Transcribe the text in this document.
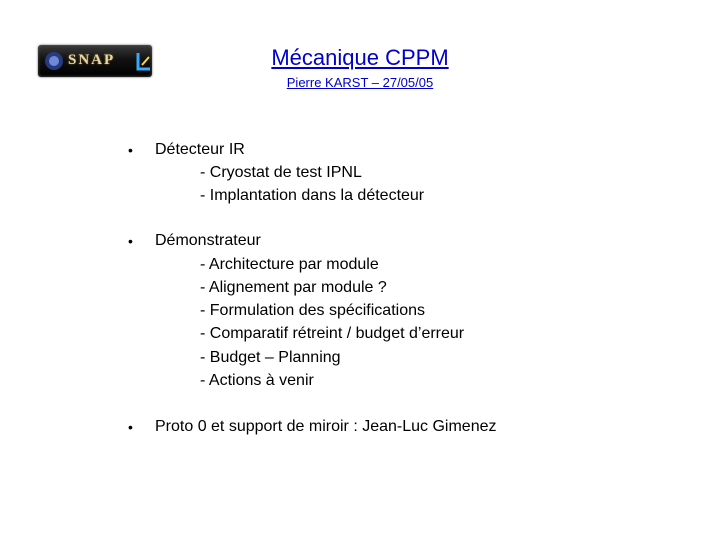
SNAP	Mécanique CPPM
Pierre KARST – 27/05/05
• Détecteur IR
- Cryostat de test IPNL
- Implantation dans la détecteur
• Démonstrateur
- Architecture par module
- Alignement par module ?
- Formulation des spécifications
- Comparatif rétreint / budget d’erreur
- Budget – Planning
- Actions à venir
• Proto 0 et support de miroir : Jean-Luc Gimenez
